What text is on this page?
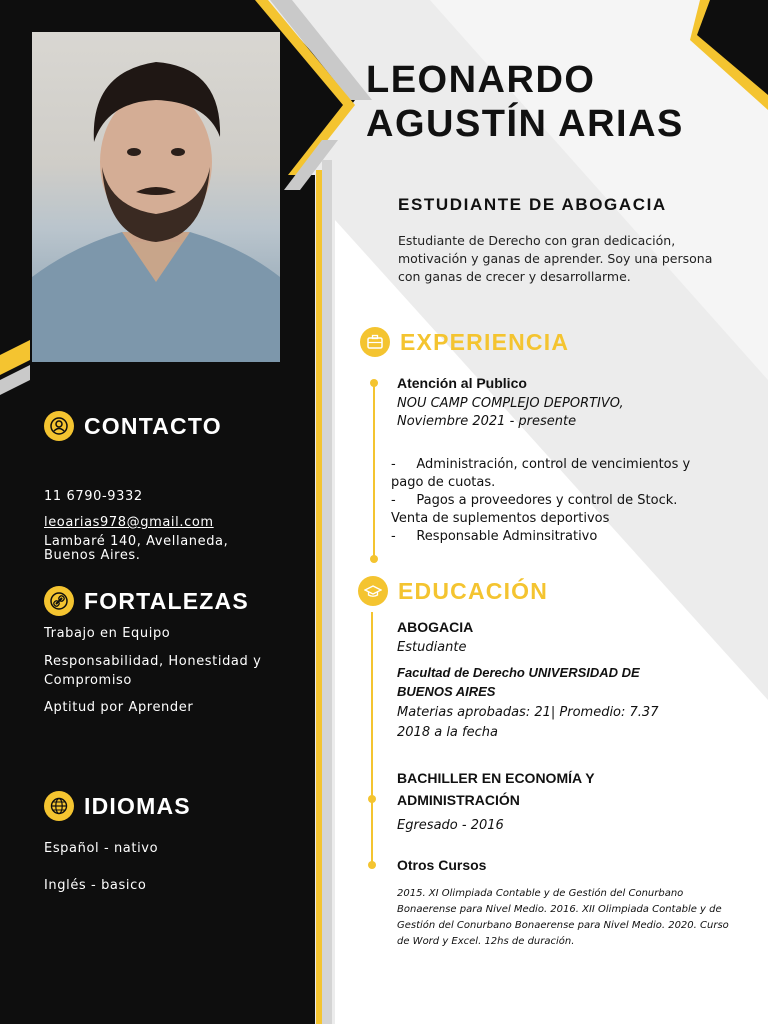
CONTACTO
11 6790-9332
leoarias978@gmail.com
Lambaré 140, Avellaneda,
Buenos Aires.
FORTALEZAS
Trabajo en Equipo
Responsabilidad, Honestidad y
Compromiso
Aptitud por Aprender
IDIOMAS
Español - nativo
Inglés - basico
LEONARDO
AGUSTÍN ARIAS
ESTUDIANTE DE ABOGACIA
Estudiante de Derecho con gran dedicación, motivación y ganas de aprender. Soy una persona con ganas de crecer y desarrollarme.
EXPERIENCIA
Atención al Publico
NOU CAMP COMPLEJO DEPORTIVO,
Noviembre 2021 - presente
-     Administración, control de vencimientos y
pago de cuotas.
-     Pagos a proveedores y control de Stock.
Venta de suplementos deportivos
-     Responsable Adminsitrativo
EDUCACIÓN
ABOGACIA
Estudiante
Facultad de Derecho UNIVERSIDAD DE
BUENOS AIRES
Materias aprobadas: 21| Promedio: 7.37
2018 a la fecha
BACHILLER EN ECONOMÍA Y
ADMINISTRACIÓN
Egresado - 2016
Otros Cursos
2015. XI Olimpiada Contable y de Gestión del Conurbano Bonaerense para Nivel Medio. 2016. XII Olimpiada Contable y de Gestión del Conurbano Bonaerense para Nivel Medio. 2020. Curso de Word y Excel. 12hs de duración.
